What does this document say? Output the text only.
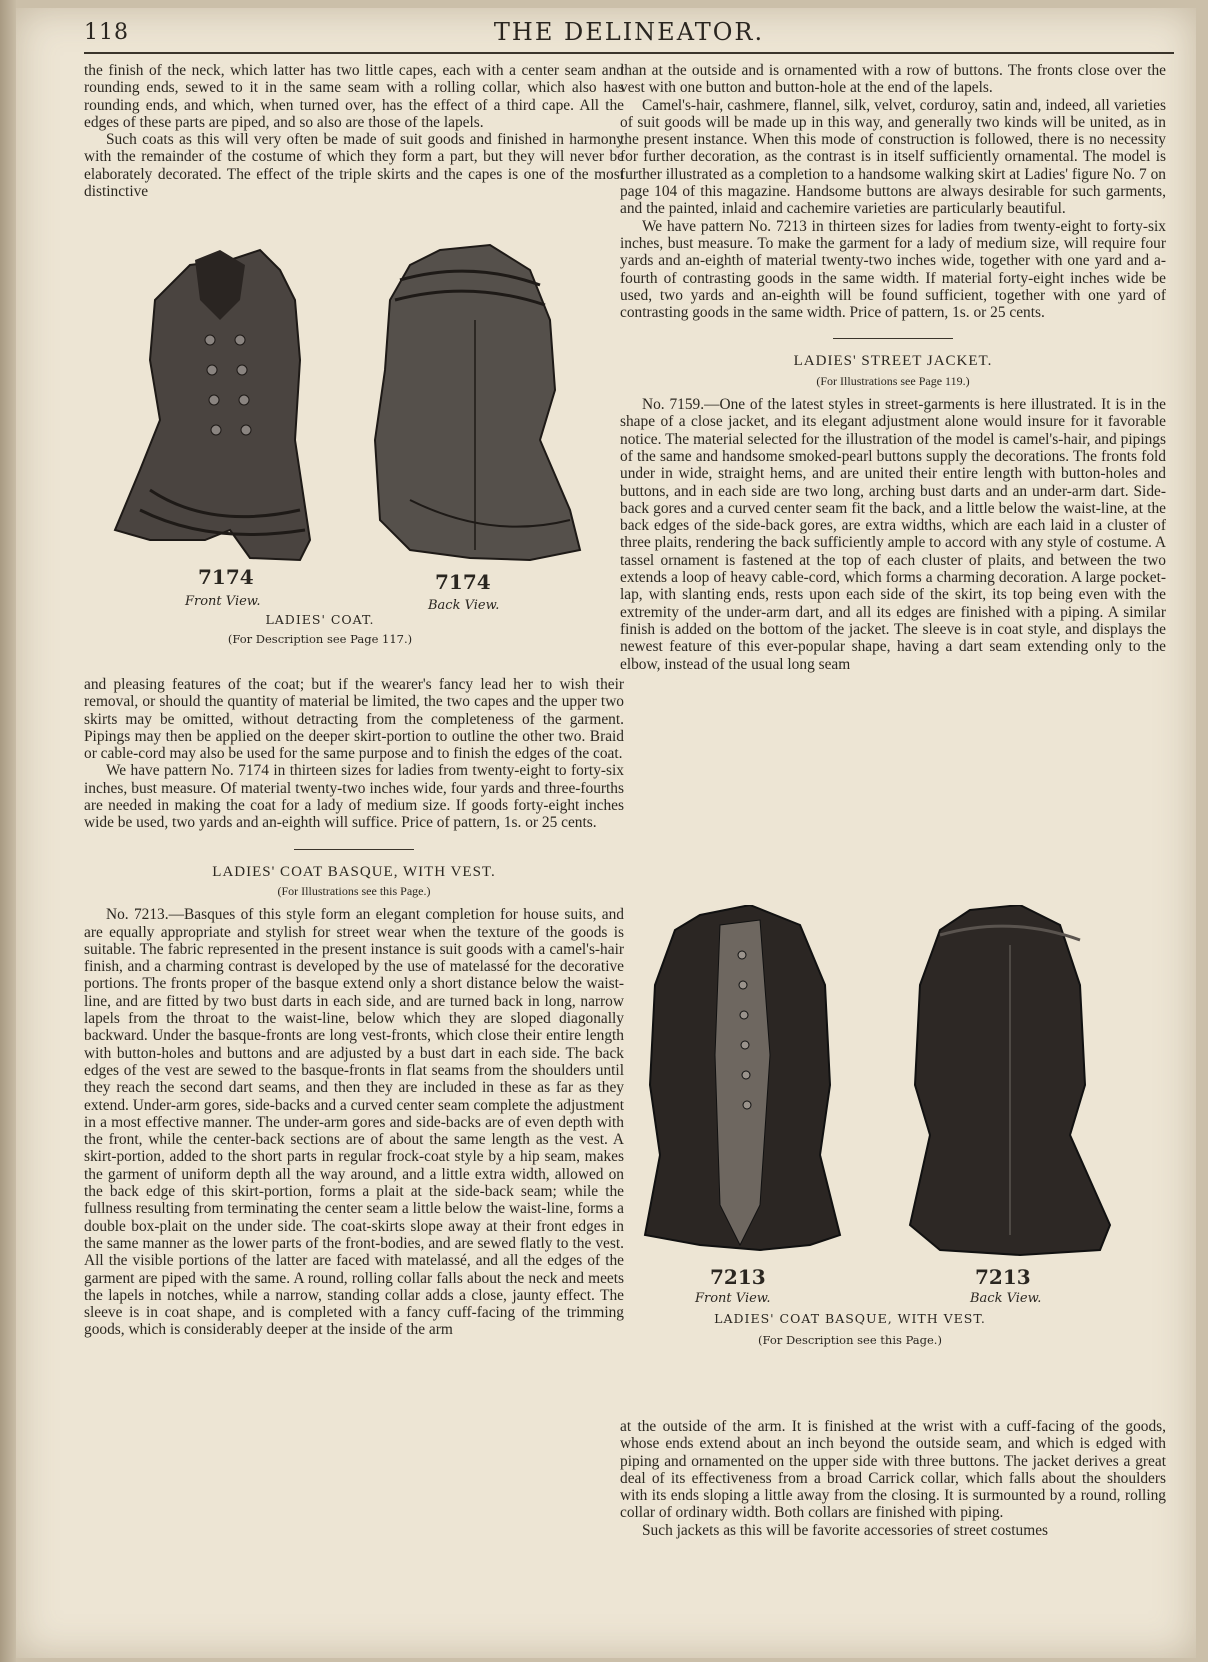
118	THE DELINEATOR.

the finish of the neck, which latter has two little capes, each with a center seam and rounding ends, sewed to it in the same seam with a rolling collar, which also has rounding ends, and which, when turned over, has the effect of a third cape. All the edges of these parts are piped, and so also are those of the lapels.

Such coats as this will very often be made of suit goods and finished in harmony with the remainder of the costume of which they form a part, but they will never be elaborately decorated. The effect of the triple skirts and the capes is one of the most distinctive

and pleasing features of the coat; but if the wearer's fancy lead her to wish their removal, or should the quantity of material be limited, the two capes and the upper two skirts may be omitted, without detracting from the completeness of the garment. Pipings may then be applied on the deeper skirt-portion to outline the other two. Braid or cable-cord may also be used for the same purpose and to finish the edges of the coat.

We have pattern No. 7174 in thirteen sizes for ladies from twenty-eight to forty-six inches, bust measure. Of material twenty-two inches wide, four yards and three-fourths are needed in making the coat for a lady of medium size. If goods forty-eight inches wide be used, two yards and an-eighth will suffice. Price of pattern, 1s. or 25 cents.

LADIES' COAT BASQUE, WITH VEST.
(For Illustrations see this Page.)

No. 7213.—Basques of this style form an elegant completion for house suits, and are equally appropriate and stylish for street wear when the texture of the goods is suitable. The fabric represented in the present instance is suit goods with a camel's-hair finish, and a charming contrast is developed by the use of matelassé for the decorative portions. The fronts proper of the basque extend only a short distance below the waist-line, and are fitted by two bust darts in each side, and are turned back in long, narrow lapels from the throat to the waist-line, below which they are sloped diagonally backward. Under the basque-fronts are long vest-fronts, which close their entire length with button-holes and buttons and are adjusted by a bust dart in each side. The back edges of the vest are sewed to the basque-fronts in flat seams from the shoulders until they reach the second dart seams, and then they are included in these as far as they extend. Under-arm gores, side-backs and a curved center seam complete the adjustment in a most effective manner. The under-arm gores and side-backs are of even depth with the front, while the center-back sections are of about the same length as the vest. A skirt-portion, added to the short parts in regular frock-coat style by a hip seam, makes the garment of uniform depth all the way around, and a little extra width, allowed on the back edge of this skirt-portion, forms a plait at the side-back seam; while the fullness resulting from terminating the center seam a little below the waist-line, forms a double box-plait on the under side. The coat-skirts slope away at their front edges in the same manner as the lower parts of the front-bodies, and are sewed flatly to the vest. All the visible portions of the latter are faced with matelassé, and all the edges of the garment are piped with the same. A round, rolling collar falls about the neck and meets the lapels in notches, while a narrow, standing collar adds a close, jaunty effect. The sleeve is in coat shape, and is completed with a fancy cuff-facing of the trimming goods, which is considerably deeper at the inside of the arm

7174	7174
Front View.	Back View.
LADIES' COAT.
(For Description see Page 117.)

than at the outside and is ornamented with a row of buttons. The fronts close over the vest with one button and button-hole at the end of the lapels.

Camel's-hair, cashmere, flannel, silk, velvet, corduroy, satin and, indeed, all varieties of suit goods will be made up in this way, and generally two kinds will be united, as in the present instance. When this mode of construction is followed, there is no necessity for further decoration, as the contrast is in itself sufficiently ornamental. The model is further illustrated as a completion to a handsome walking skirt at Ladies' figure No. 7 on page 104 of this magazine. Handsome buttons are always desirable for such garments, and the painted, inlaid and cachemire varieties are particularly beautiful.

We have pattern No. 7213 in thirteen sizes for ladies from twenty-eight to forty-six inches, bust measure. To make the garment for a lady of medium size, will require four yards and an-eighth of material twenty-two inches wide, together with one yard and a-fourth of contrasting goods in the same width. If material forty-eight inches wide be used, two yards and an-eighth will be found sufficient, together with one yard of contrasting goods in the same width. Price of pattern, 1s. or 25 cents.

LADIES' STREET JACKET.
(For Illustrations see Page 119.)

No. 7159.—One of the latest styles in street-garments is here illustrated. It is in the shape of a close jacket, and its elegant adjustment alone would insure for it favorable notice. The material selected for the illustration of the model is camel's-hair, and pipings of the same and handsome smoked-pearl buttons supply the decorations. The fronts fold under in wide, straight hems, and are united their entire length with button-holes and buttons, and in each side are two long, arching bust darts and an under-arm dart. Side-back gores and a curved center seam fit the back, and a little below the waist-line, at the back edges of the side-back gores, are extra widths, which are each laid in a cluster of three plaits, rendering the back sufficiently ample to accord with any style of costume. A tassel ornament is fastened at the top of each cluster of plaits, and between the two extends a loop of heavy cable-cord, which forms a charming decoration. A large pocket-lap, with slanting ends, rests upon each side of the skirt, its top being even with the extremity of the under-arm dart, and all its edges are finished with a piping. A similar finish is added on the bottom of the jacket. The sleeve is in coat style, and displays the newest feature of this ever-popular shape, having a dart seam extending only to the elbow, instead of the usual long seam

7213	7213
Front View.	Back View.
LADIES' COAT BASQUE, WITH VEST.
(For Description see this Page.)

at the outside of the arm. It is finished at the wrist with a cuff-facing of the goods, whose ends extend about an inch beyond the outside seam, and which is edged with piping and ornamented on the upper side with three buttons. The jacket derives a great deal of its effectiveness from a broad Carrick collar, which falls about the shoulders with its ends sloping a little away from the closing. It is surmounted by a round, rolling collar of ordinary width. Both collars are finished with piping.

Such jackets as this will be favorite accessories of street costumes
